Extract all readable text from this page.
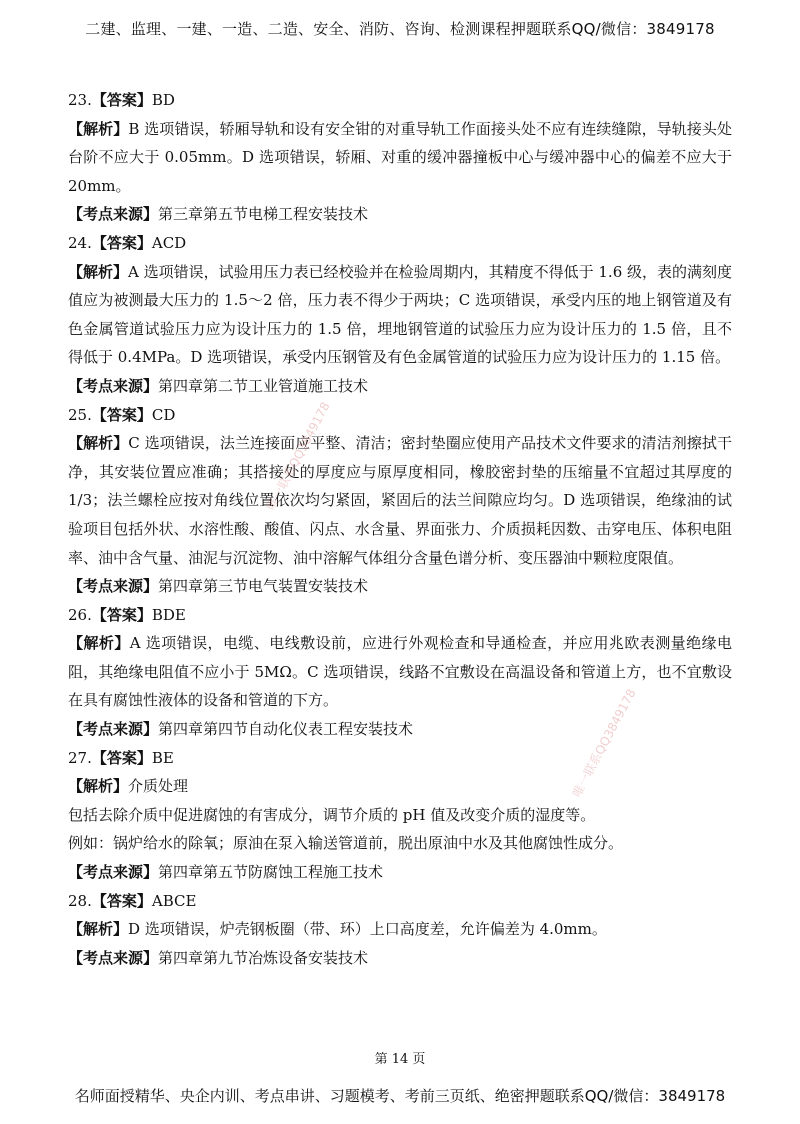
二建、监理、一建、一造、二造、安全、消防、咨询、检测课程押题联系QQ/微信：3849178

23.【答案】BD

【解析】B 选项错误，轿厢导轨和设有安全钳的对重导轨工作面接头处不应有连续缝隙，导轨接头处台阶不应大于 0.05mm。D 选项错误，轿厢、对重的缓冲器撞板中心与缓冲器中心的偏差不应大于 20mm。

【考点来源】第三章第五节电梯工程安装技术

24.【答案】ACD

【解析】A 选项错误，试验用压力表已经校验并在检验周期内，其精度不得低于 1.6 级，表的满刻度值应为被测最大压力的 1.5～2 倍，压力表不得少于两块；C 选项错误，承受内压的地上钢管道及有色金属管道试验压力应为设计压力的 1.5 倍，埋地钢管道的试验压力应为设计压力的 1.5 倍，且不得低于 0.4MPa。D 选项错误，承受内压钢管及有色金属管道的试验压力应为设计压力的 1.15 倍。

【考点来源】第四章第二节工业管道施工技术

25.【答案】CD

【解析】C 选项错误，法兰连接面应平整、清洁；密封垫圈应使用产品技术文件要求的清洁剂擦拭干净，其安装位置应准确；其搭接处的厚度应与原厚度相同，橡胶密封垫的压缩量不宜超过其厚度的 1/3；法兰螺栓应按对角线位置依次均匀紧固，紧固后的法兰间隙应均匀。D 选项错误，绝缘油的试验项目包括外状、水溶性酸、酸值、闪点、水含量、界面张力、介质损耗因数、击穿电压、体积电阻率、油中含气量、油泥与沉淀物、油中溶解气体组分含量色谱分析、变压器油中颗粒度限值。

【考点来源】第四章第三节电气装置安装技术

26.【答案】BDE

【解析】A 选项错误，电缆、电线敷设前，应进行外观检查和导通检查，并应用兆欧表测量绝缘电阻，其绝缘电阻值不应小于 5MΩ。C 选项错误，线路不宜敷设在高温设备和管道上方，也不宜敷设在具有腐蚀性液体的设备和管道的下方。

【考点来源】第四章第四节自动化仪表工程安装技术

27.【答案】BE

【解析】介质处理

包括去除介质中促进腐蚀的有害成分，调节介质的 pH 值及改变介质的湿度等。

例如：锅炉给水的除氧；原油在泵入输送管道前，脱出原油中水及其他腐蚀性成分。

【考点来源】第四章第五节防腐蚀工程施工技术

28.【答案】ABCE

【解析】D 选项错误，炉壳钢板圈（带、环）上口高度差，允许偏差为 4.0mm。

【考点来源】第四章第九节冶炼设备安装技术

唯一联系QQ3849178
唯一联系QQ3849178
第 14 页
名师面授精华、央企内训、考点串讲、习题模考、考前三页纸、绝密押题联系QQ/微信：3849178
